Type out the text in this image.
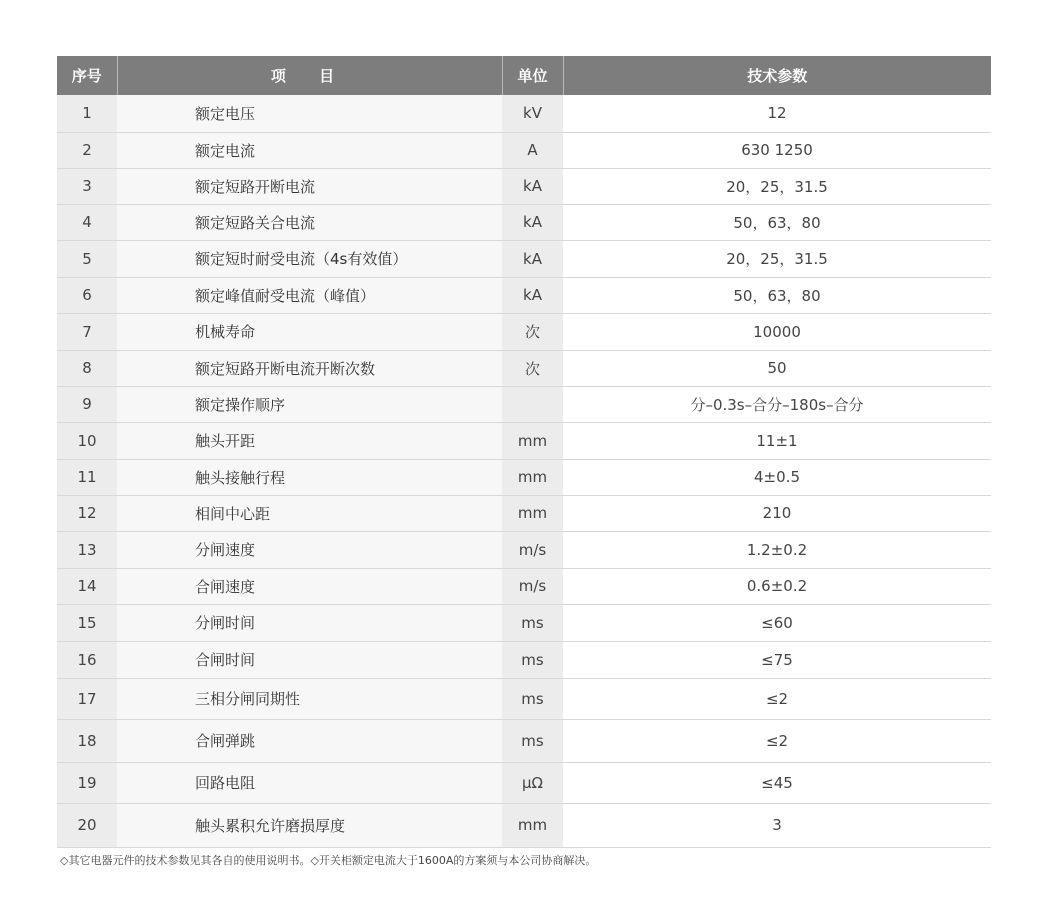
序号	项 目	单位	技术参数
1	额定电压	kV	12
2	额定电流	A	630 1250
3	额定短路开断电流	kA	20，25，31.5
4	额定短路关合电流	kA	50，63，80
5	额定短时耐受电流（4s有效值）	kA	20，25，31.5
6	额定峰值耐受电流（峰值）	kA	50，63，80
7	机械寿命	次	10000
8	额定短路开断电流开断次数	次	50
9	额定操作顺序		分–0.3s–合分–180s–合分
10	触头开距	mm	11±1
11	触头接触行程	mm	4±0.5
12	相间中心距	mm	210
13	分闸速度	m/s	1.2±0.2
14	合闸速度	m/s	0.6±0.2
15	分闸时间	ms	≤60
16	合闸时间	ms	≤75
17	三相分闸同期性	ms	≤2
18	合闸弹跳	ms	≤2
19	回路电阻	μΩ	≤45
20	触头累积允许磨损厚度	mm	3
◇其它电器元件的技术参数见其各自的使用说明书。◇开关柜额定电流大于1600A的方案须与本公司协商解决。
